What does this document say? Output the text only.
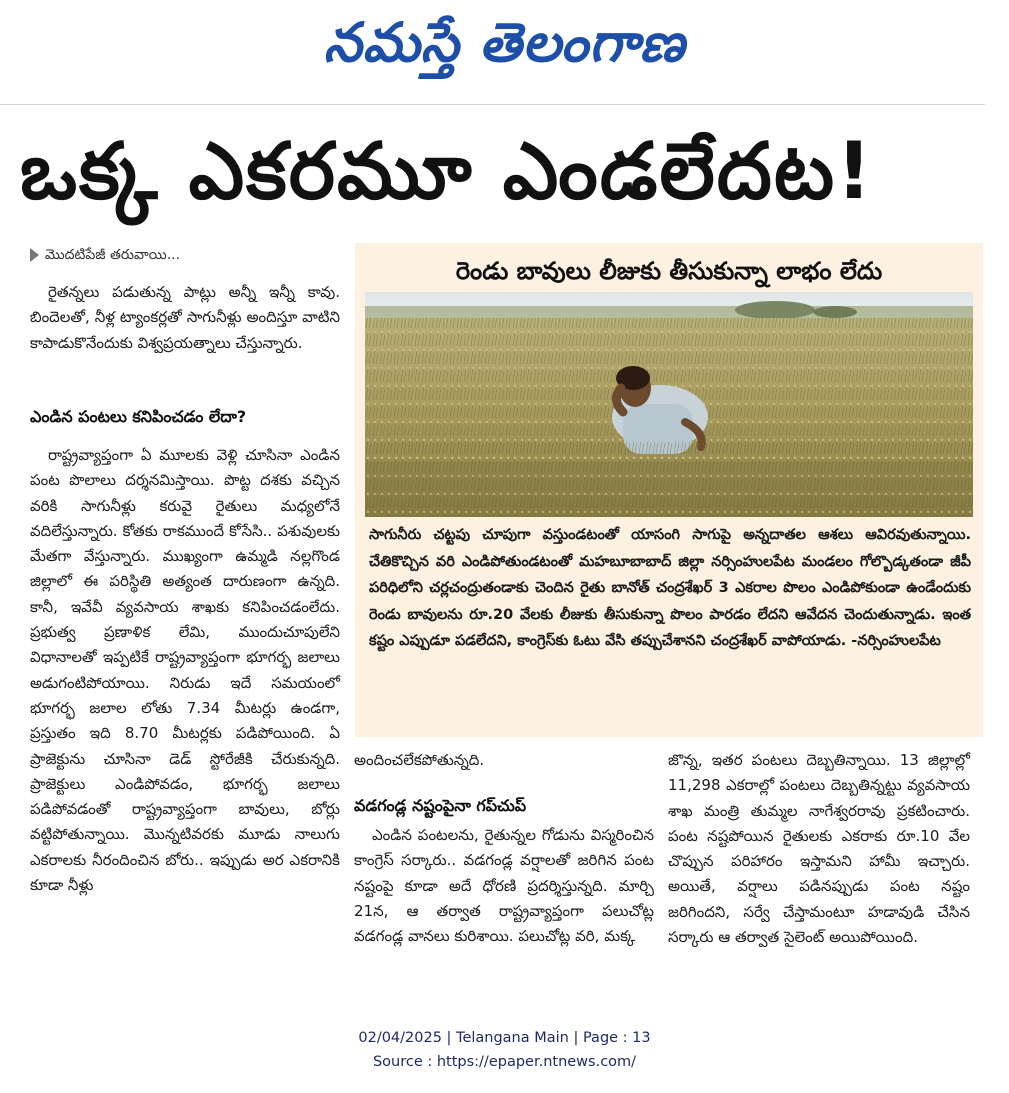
నమస్తే తెలంగాణ
ఒక్క ఎకరమూ ఎండలేదట!
మొదటిపేజీ తరువాయి...

రైతన్నలు పడుతున్న పాట్లు అన్నీ ఇన్నీ కావు. బిందెలతో, నీళ్ల ట్యాంకర్లతో సాగునీళ్లు అందిస్తూ వాటిని కాపాడుకొనేందుకు విశ్వప్రయత్నాలు చేస్తున్నారు.

ఎండిన పంటలు కనిపించడం లేదా?

రాష్ట్రవ్యాప్తంగా ఏ మూలకు వెళ్లి చూసినా ఎండిన పంట పొలాలు దర్శనమిస్తాయి. పొట్ట దశకు వచ్చిన వరికి సాగునీళ్లు కరువై రైతులు మధ్యలోనే వదిలేస్తున్నారు. కోతకు రాకముందే కోసేసి.. పశువులకు మేతగా వేస్తున్నారు. ముఖ్యంగా ఉమ్మడి నల్లగొండ జిల్లాలో ఈ పరిస్థితి అత్యంత దారుణంగా ఉన్నది. కానీ, ఇవేవీ వ్యవసాయ శాఖకు కనిపించడంలేదు. ప్రభుత్వ ప్రణాళిక లేమి, ముందుచూపులేని విధానాలతో ఇప్పటికే రాష్ట్రవ్యాప్తంగా భూగర్భ జలాలు అడుగంటిపోయాయి. నిరుడు ఇదే సమయంలో భూగర్భ జలాల లోతు 7.34 మీటర్లు ఉండగా, ప్రస్తుతం ఇది 8.70 మీటర్లకు పడిపోయింది. ఏ ప్రాజెక్టును చూసినా డెడ్ స్టోరేజీకి చేరుకున్నది. ప్రాజెక్టులు ఎండిపోవడం, భూగర్భ జలాలు పడిపోవడంతో రాష్ట్రవ్యాప్తంగా బావులు, బోర్లు వట్టిపోతున్నాయి. మొన్నటివరకు మూడు నాలుగు ఎకరాలకు నీరందించిన బోరు.. ఇప్పుడు అర ఎకరానికి కూడా నీళ్లు

రెండు బావులు లీజుకు తీసుకున్నా లాభం లేదు
సాగునీరు చట్టపు చూపుగా వస్తుండటంతో యాసంగి సాగుపై అన్నదాతల ఆశలు ఆవిరవుతున్నాయి. చేతికొచ్చిన వరి ఎండిపోతుండటంతో మహబూబాబాద్ జిల్లా నర్సింహులపేట మండలం గోల్బొడ్కతండా జీపీ పరిధిలోని చర్లచంద్రుతండాకు చెందిన రైతు బానోత్ చంద్రశేఖర్ 3 ఎకరాల పొలం ఎండిపోకుండా ఉండేందుకు రెండు బావులను రూ.20 వేలకు లీజుకు తీసుకున్నా పొలం పారడం లేదని ఆవేదన చెందుతున్నాడు. ఇంత కష్టం ఎప్పుడూ పడలేదని, కాంగ్రెస్‌కు ఓటు వేసి తప్పుచేశానని చంద్రశేఖర్ వాపోయాడు. -నర్సింహులపేట

అందించలేకపోతున్నది.

వడగండ్ల నష్టంపైనా గప్‌చుప్

ఎండిన పంటలను, రైతున్నల గోడును విస్మరించిన కాంగ్రెస్ సర్కారు.. వడగండ్ల వర్షాలతో జరిగిన పంట నష్టంపై కూడా అదే ధోరణి ప్రదర్శిస్తున్నది. మార్చి 21న, ఆ తర్వాత రాష్ట్రవ్యాప్తంగా పలుచోట్ల వడగండ్ల వానలు కురిశాయి. పలుచోట్ల వరి, మక్క

జొన్న, ఇతర పంటలు దెబ్బతిన్నాయి. 13 జిల్లాల్లో 11,298 ఎకరాల్లో పంటలు దెబ్బతిన్నట్టు వ్యవసాయ శాఖ మంత్రి తుమ్మల నాగేశ్వరరావు ప్రకటించారు. పంట నష్టపోయిన రైతులకు ఎకరాకు రూ.10 వేల చొప్పున పరిహారం ఇస్తామని హామీ ఇచ్చారు. అయితే, వర్షాలు పడినప్పుడు పంట నష్టం జరిగిందని, సర్వే చేస్తామంటూ హడావుడి చేసిన సర్కారు ఆ తర్వాత సైలెంట్ అయిపోయింది.

02/04/2025 | Telangana Main | Page : 13
Source : https://epaper.ntnews.com/
